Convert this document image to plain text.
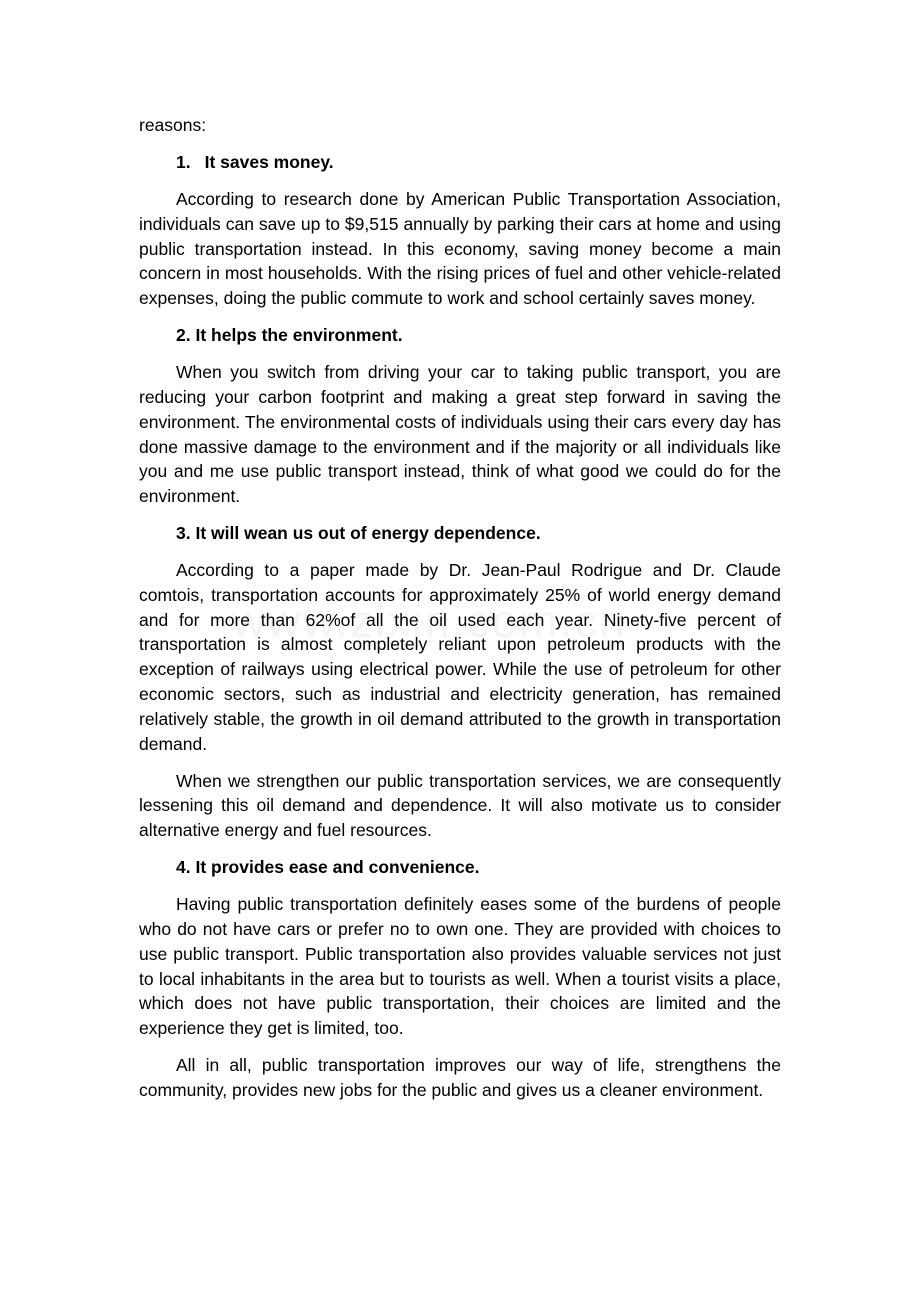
reasons:

1. It saves money.

According to research done by American Public Transportation Association, individuals can save up to $9,515 annually by parking their cars at home and using public transportation instead. In this economy, saving money become a main concern in most households. With the rising prices of fuel and other vehicle-related expenses, doing the public commute to work and school certainly saves money.

2. It helps the environment.

When you switch from driving your car to taking public transport, you are reducing your carbon footprint and making a great step forward in saving the environment. The environmental costs of individuals using their cars every day has done massive damage to the environment and if the majority or all individuals like you and me use public transport instead, think of what good we could do for the environment.

3. It will wean us out of energy dependence.

According to a paper made by Dr. Jean-Paul Rodrigue and Dr. Claude comtois, transportation accounts for approximately 25% of world energy demand and for more than 62%of all the oil used each year. Ninety-five percent of transportation is almost completely reliant upon petroleum products with the exception of railways using electrical power. While the use of petroleum for other economic sectors, such as industrial and electricity generation, has remained relatively stable, the growth in oil demand attributed to the growth in transportation demand.

When we strengthen our public transportation services, we are consequently lessening this oil demand and dependence. It will also motivate us to consider alternative energy and fuel resources.

4. It provides ease and convenience.

Having public transportation definitely eases some of the burdens of people who do not have cars or prefer no to own one. They are provided with choices to use public transport. Public transportation also provides valuable services not just to local inhabitants in the area but to tourists as well. When a tourist visits a place, which does not have public transportation, their choices are limited and the experience they get is limited, too.

All in all, public transportation improves our way of life, strengthens the community, provides new jobs for the public and gives us a cleaner environment.
